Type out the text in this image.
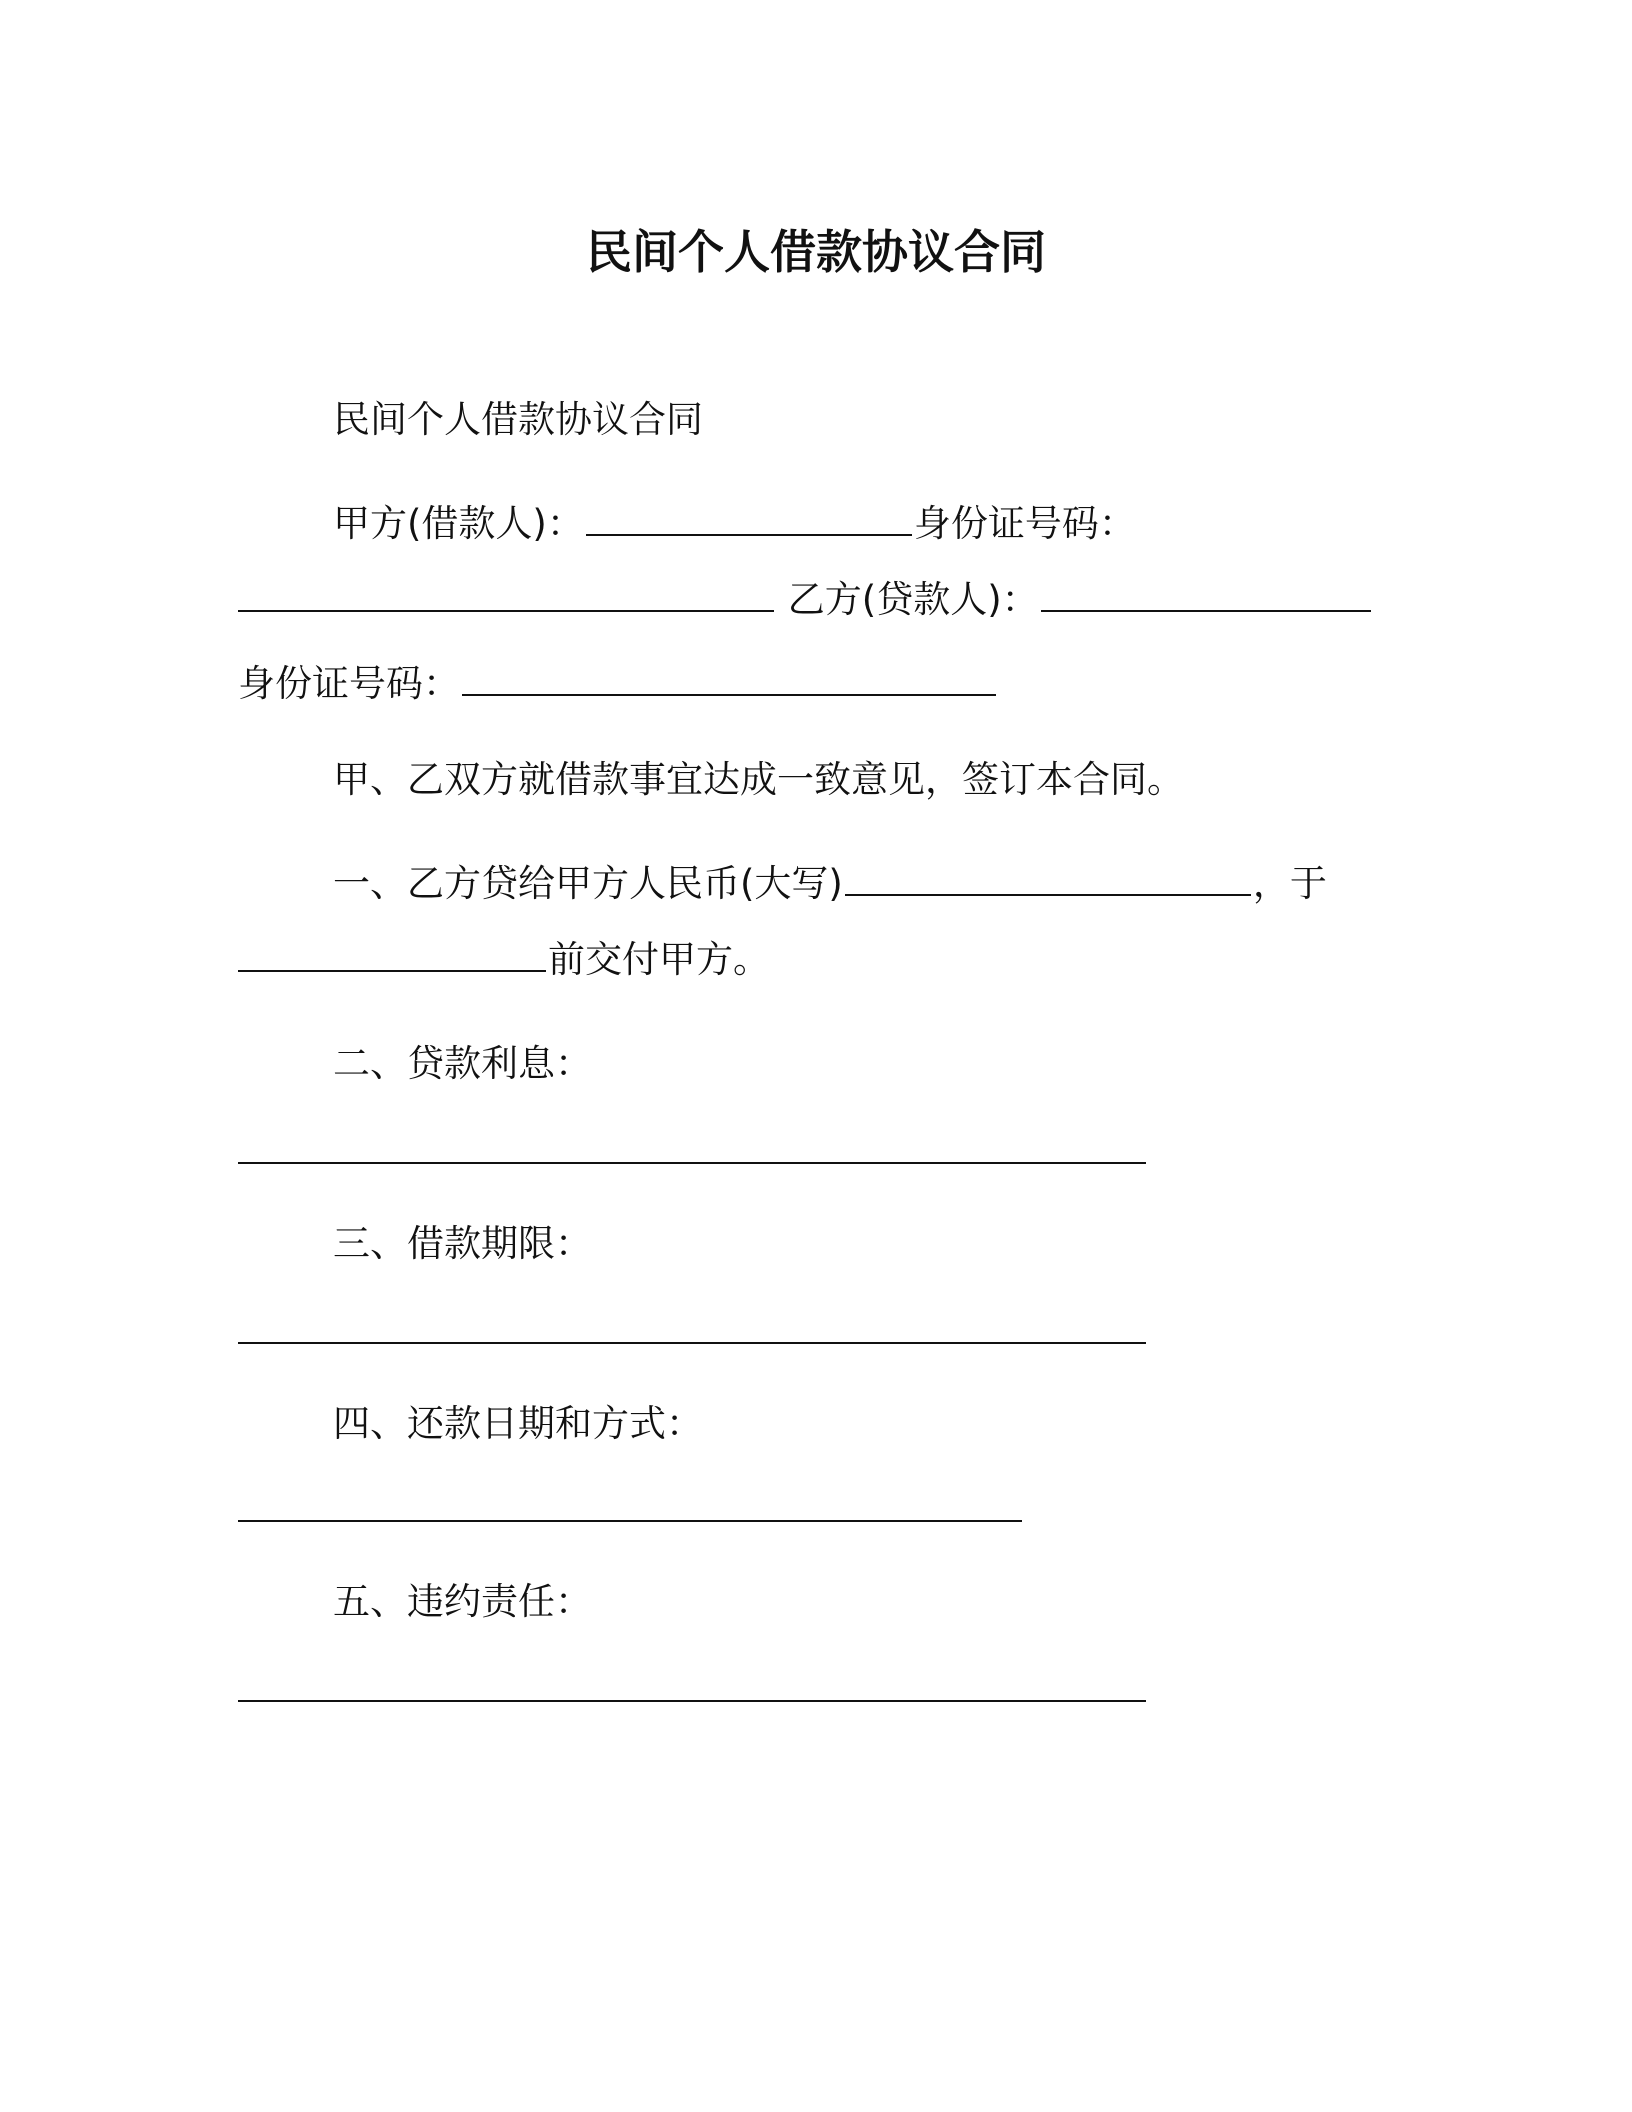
民间个人借款协议合同
民间个人借款协议合同
甲方(借款人)：	身份证号码：
乙方(贷款人)：
身份证号码：
甲、乙双方就借款事宜达成一致意见，签订本合同。
一、乙方贷给甲方人民币(大写)	，于
前交付甲方。
二、贷款利息：
三、借款期限：
四、还款日期和方式：
五、违约责任：
